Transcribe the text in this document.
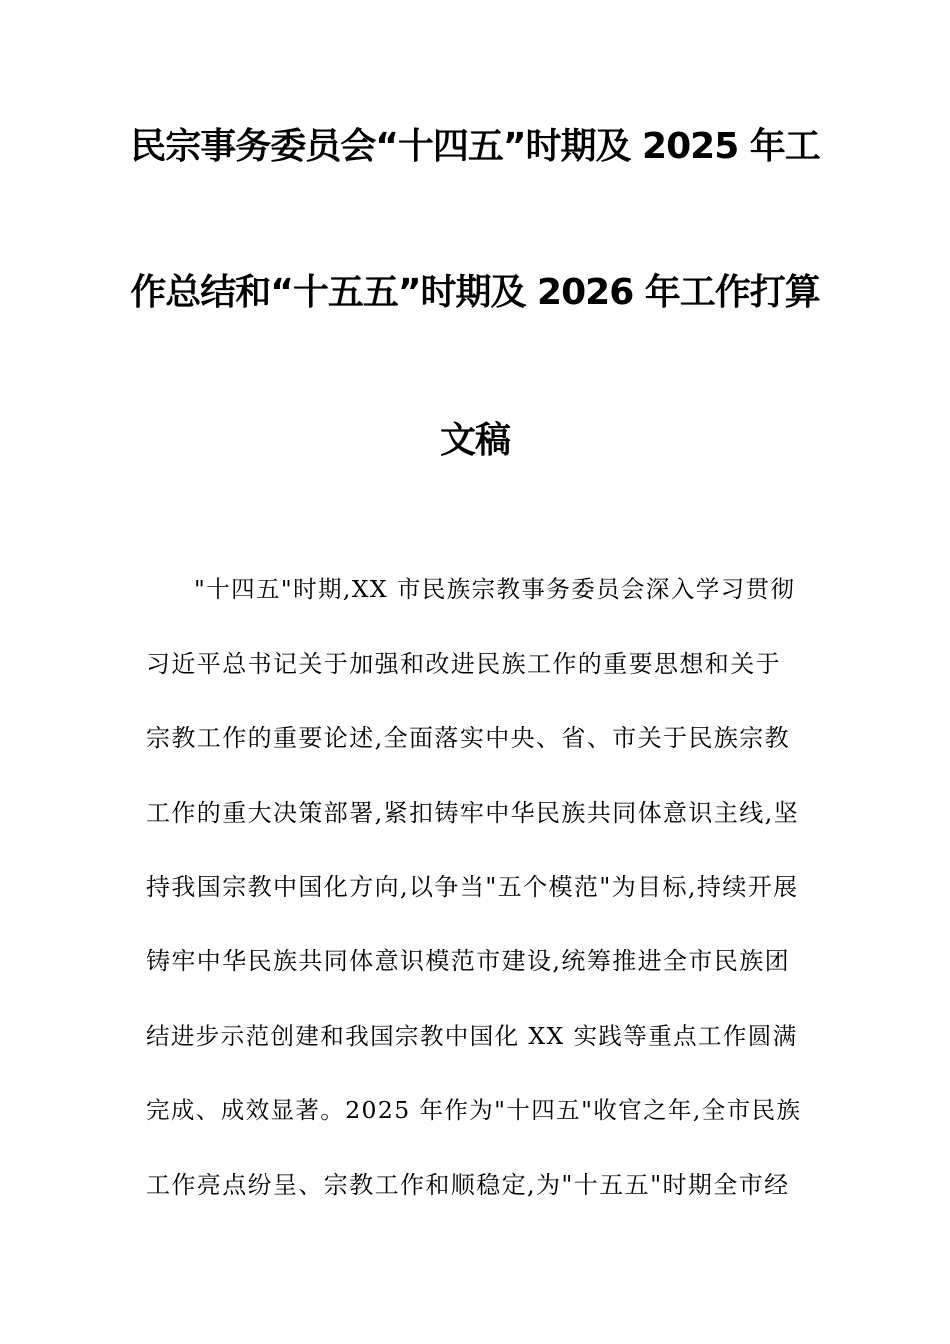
民宗事务委员会“十四五”时期及 2025 年工
作总结和“十五五”时期及 2026 年工作打算
文稿
"十四五"时期,XX 市民族宗教事务委员会深入学习贯彻
习近平总书记关于加强和改进民族工作的重要思想和关于
宗教工作的重要论述,全面落实中央、省、市关于民族宗教
工作的重大决策部署,紧扣铸牢中华民族共同体意识主线,坚
持我国宗教中国化方向,以争当"五个模范"为目标,持续开展
铸牢中华民族共同体意识模范市建设,统筹推进全市民族团
结进步示范创建和我国宗教中国化 XX 实践等重点工作圆满
完成、成效显著。2025 年作为"十四五"收官之年,全市民族
工作亮点纷呈、宗教工作和顺稳定,为"十五五"时期全市经
